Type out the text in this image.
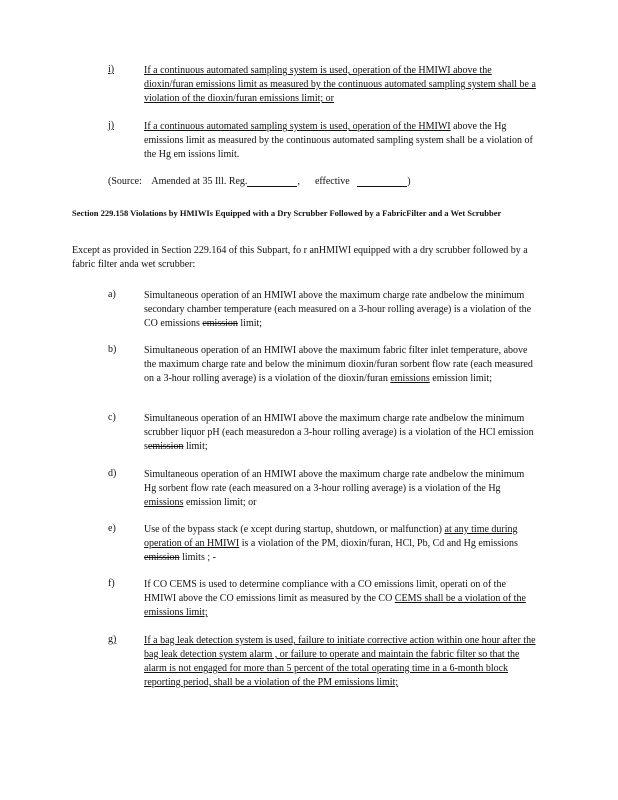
i)	If a continuous automated sampling system is used, operation of the HMIWI above the dioxin/furan emissions limit as measured by the continuous automated sampling system shall be a violation of the dioxin/furan emissions limit; or
j)	If a continuous automated sampling system is used, operation of the HMIWI above the Hg emissions limit as measured by the continuous automated sampling system shall be a violation of the Hg em issions limit.
(Source: Amended at 35 Ill. Reg.	,      effective	)
Section 229.158 Violations by HMIWIs Equipped with a Dry Scrubber Followed by a FabricFilter and a Wet Scrubber
Except as provided in Section 229.164 of this Subpart, fo r anHMIWI equipped with a dry scrubber followed by a fabric filter anda wet scrubber:
a)	Simultaneous operation of an HMIWI above the maximum charge rate andbelow the minimum secondary chamber temperature (each measured on a 3-hour rolling average) is a violation of the CO emissions emission limit;
b)	Simultaneous operation of an HMIWI above the maximum fabric filter inlet temperature, above the maximum charge rate and below the minimum dioxin/furan sorbent flow rate (each measured on a 3-hour rolling average) is a violation of the dioxin/furan emissions emission limit;
c)	Simultaneous operation of an HMIWI above the maximum charge rate andbelow the minimum scrubber liquor pH (each measuredon a 3-hour rolling average) is a violation of the HCl emission semission limit;
d)	Simultaneous operation of an HMIWI above the maximum charge rate andbelow the minimum Hg sorbent flow rate (each measured on a 3-hour rolling average) is a violation of the Hg emissions emission limit; or
e)	Use of the bypass stack (e xcept during startup, shutdown, or malfunction) at any time during operation of an HMIWI is a violation of the PM, dioxin/furan, HCl, Pb, Cd and Hg emissions emission limits ; -
f)	If CO CEMS is used to determine compliance with a CO emissions limit, operati on of the HMIWI above the CO emissions limit as measured by the CO CEMS shall be a violation of the emissions limit;
g)	If a bag leak detection system is used, failure to initiate corrective action within one hour after the bag leak detection system alarm , or failure to operate and maintain the fabric filter so that the alarm is not engaged for more than 5 percent of the total operating time in a 6-month block reporting period, shall be a violation of the PM emissions limit;
